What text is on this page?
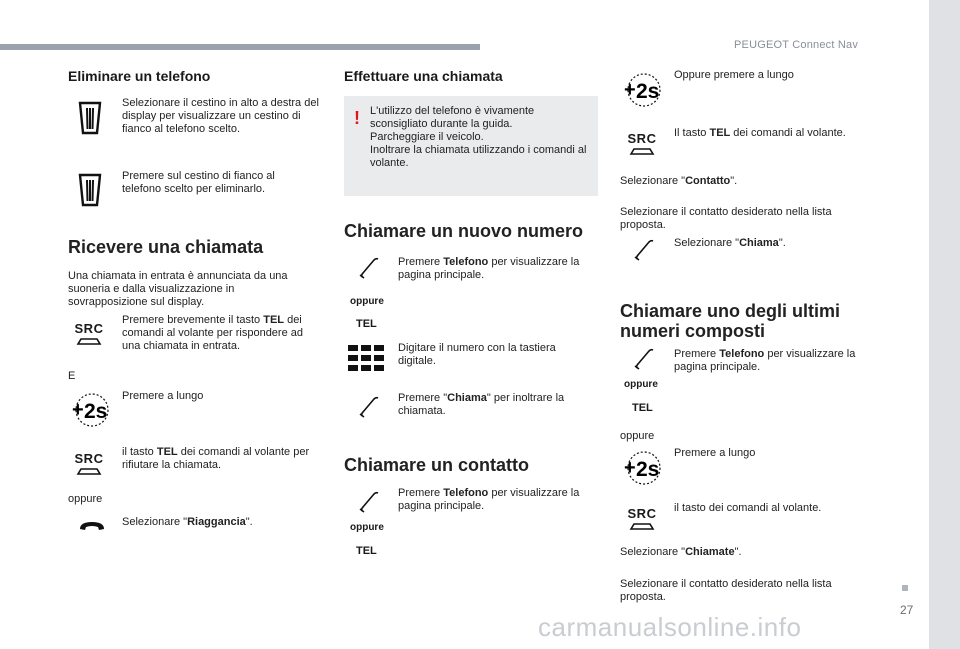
PEUGEOT Connect Nav
27
carmanualsonline.info
Eliminare un telefono
Selezionare il cestino in alto a destra del display per visualizzare un cestino di fianco al telefono scelto.
Premere sul cestino di fianco al telefono scelto per eliminarlo.
Ricevere una chiamata
Una chiamata in entrata è annunciata da una suoneria e dalla visualizzazione in sovrapposizione sul display.
SRC
Premere brevemente il tasto TEL dei comandi al volante per rispondere ad una chiamata in entrata.
E
+ 2s
Premere a lungo
SRC il tasto TEL dei comandi al volante per rifiutare la chiamata.
oppure
Selezionare "Riaggancia".
Effettuare una chiamata
! L'utilizzo del telefono è vivamente sconsigliato durante la guida.
Parcheggiare il veicolo.
Inoltrare la chiamata utilizzando i comandi al volante.
Chiamare un nuovo numero
oppure
TEL
Premere Telefono per visualizzare la pagina principale.
Digitare il numero con la tastiera digitale.
Premere "Chiama" per inoltrare la chiamata.
Chiamare un contatto
oppure
TEL
Premere Telefono per visualizzare la pagina principale.
+ 2s
Oppure premere a lungo
SRC Il tasto TEL dei comandi al volante.
Selezionare "Contatto".
Selezionare il contatto desiderato nella lista proposta.
Selezionare "Chiama".
Chiamare uno degli ultimi numeri composti
oppure
TEL
Premere Telefono per visualizzare la pagina principale.
oppure
+ 2s
Premere a lungo
SRC il tasto dei comandi al volante.
Selezionare "Chiamate".
Selezionare il contatto desiderato nella lista proposta.
